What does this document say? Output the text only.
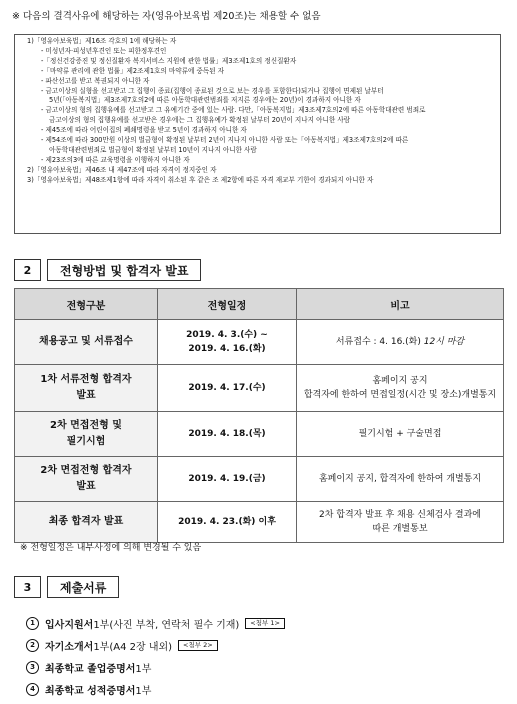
※ 다음의 결격사유에 해당하는 자(영유아보육법 제20조)는 채용할 수 없음
1)「영유아보육법」제16조 각호의 1에 해당하는 자
- 미성년자·피성년후견인 또는 피한정후견인
-「정신건강증진 및 정신질환자 복지서비스 지원에 관한 법률」제3조제1호의 정신질환자
-「마약류 관리에 관한 법률」제2조제1호의 마약류에 중독된 자
- 파산선고를 받고 복권되지 아니한 자
- 금고이상의 실형을 선고받고 그 집행이 종료(집행이 종료된 것으로 보는 경우를 포함한다)되거나 집행이 면제된 날부터
5년(「아동복지법」제3조제7호의2에 따른 아동학대관련범죄를 저지른 경우에는 20년)이 경과하지 아니한 자
- 금고이상의 형의 집행유예를 선고받고 그 유예기간 중에 있는 사람. 다만,「아동복지법」제3조제7호의2에 따른 아동학대관련 범죄로
금고이상의 형의 집행유예를 선고받은 경우에는 그 집행유예가 확정된 날부터 20년이 지나지 아니한 사람
- 제45조에 따라 어린이집의 폐쇄명령을 받고 5년이 경과하지 아니한 자
- 제54조에 따라 300만원 이상의 벌금형이 확정된 날부터 2년이 지나지 아니한 사람 또는「아동복지법」제3조제7호의2에 따른
아동학대관련범죄로 벌금형이 확정된 날부터 10년이 지나지 아니한 사람
- 제23조의3에 따른 교육명령을 이행하지 아니한 자
2)「영유아보육법」제46조 내 제47조에 따라 자격이 정지중인 자
3)「영유아보육법」제48조제1항에 따라 자격이 취소된 후 같은 조 제2항에 따른 자격 재교부 기한이 경과되지 아니한 자
2	전형방법 및 합격자 발표
전형구분	전형일정	비고
채용공고 및 서류접수	2019. 4. 3.(수) ~
2019. 4. 16.(화)	서류접수 : 4. 16.(화) 12시 마감
1차 서류전형 합격자
발표	2019. 4. 17.(수)	홈페이지 공지
합격자에 한하여 면접일정(시간 및 장소)개별통지
2차 면접전형 및
필기시험	2019. 4. 18.(목)	필기시험 + 구술면접
2차 면접전형 합격자
발표	2019. 4. 19.(금)	홈페이지 공지, 합격자에 한하여 개별통지
최종 합격자 발표	2019. 4. 23.(화) 이후	2차 합격자 발표 후 채용 신체검사 결과에
따른 개별통보
※ 전형일정은 내부사정에 의해 변경될 수 있음
3	제출서류
1	입사지원서 1부(사진 부착, 연락처 필수 기재)	<첨부 1>
2	자기소개서 1부(A4 2장 내외)	<첨부 2>
3	최종학교 졸업증명서 1부
4	최종학교 성적증명서 1부
